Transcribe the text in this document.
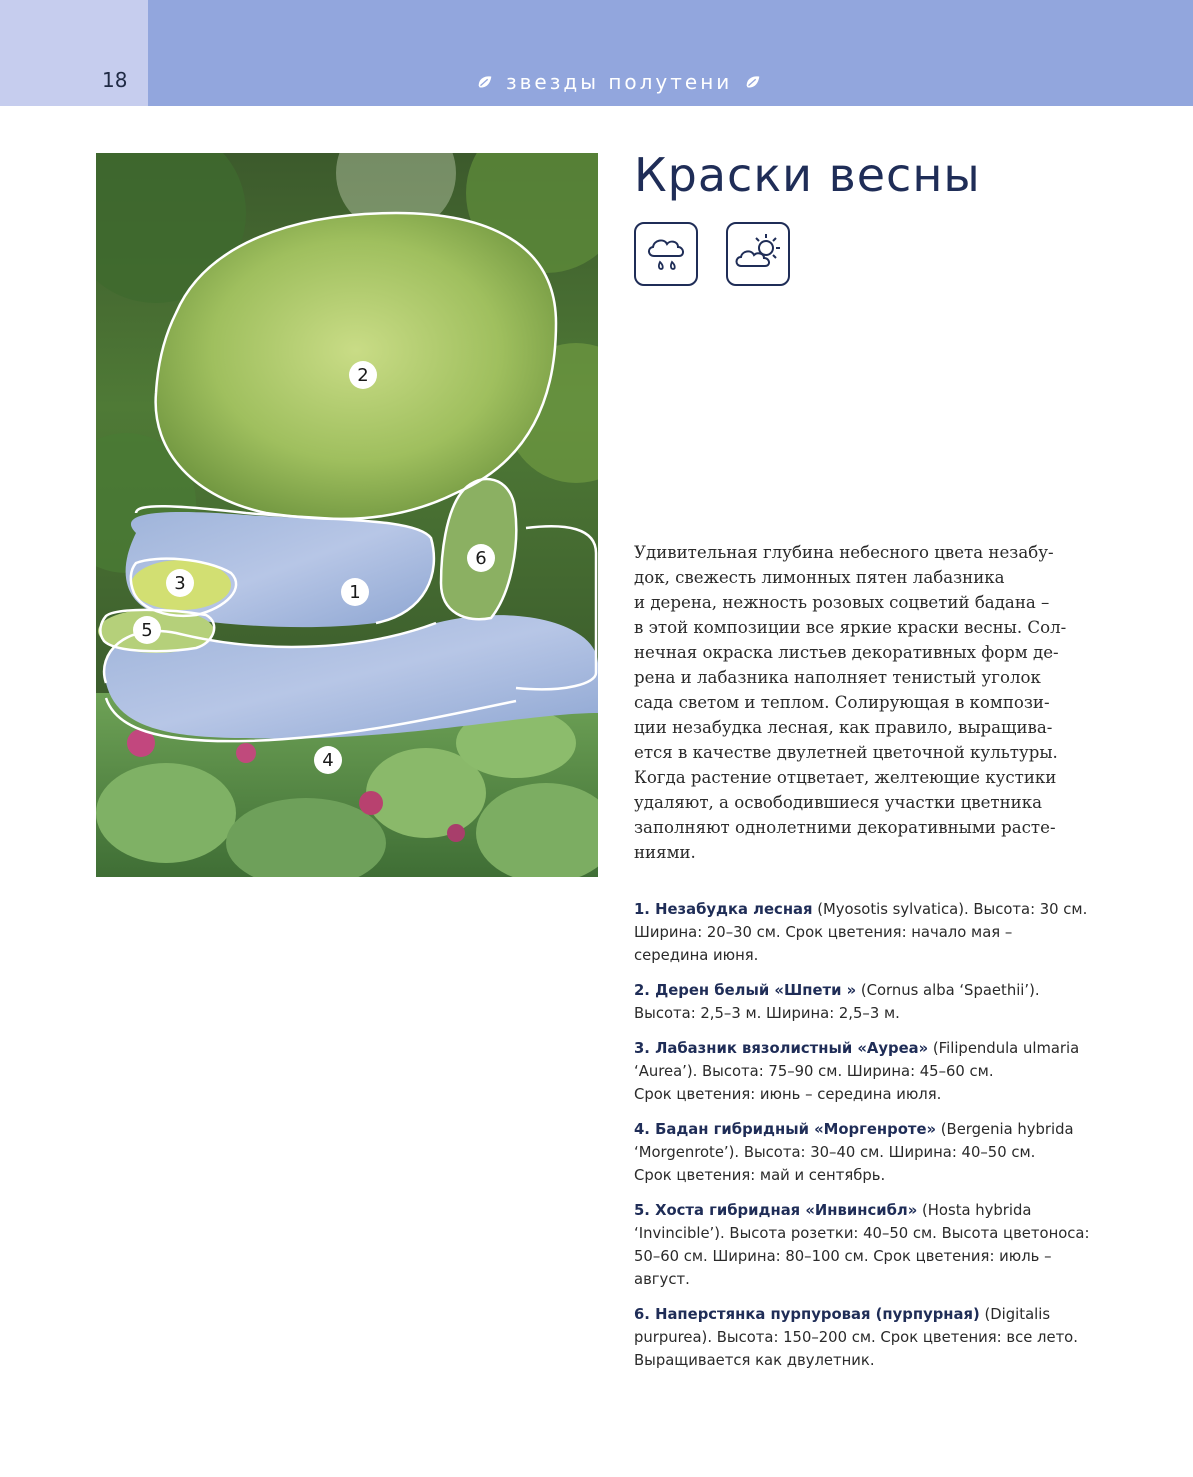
18	звезды полутени
2
1
3
4
5
6
Краски весны
Удивительная глубина небесного цвета незабу-
док, свежесть лимонных пятен лабазника
и дерена, нежность розовых соцветий бадана –
в этой композиции все яркие краски весны. Сол-
нечная окраска листьев декоративных форм де-
рена и лабазника наполняет тенистый уголок
сада светом и теплом. Солирующая в компози-
ции незабудка лесная, как правило, выращива-
ется в качестве двулетней цветочной культуры.
Когда растение отцветает, желтеющие кустики
удаляют, а освободившиеся участки цветника
заполняют однолетними декоративными расте-
ниями.
1. Незабудка лесная (Myosotis sylvatica). Высота: 30 см.
Ширина: 20–30 см. Срок цветения: начало мая –
середина июня.
2. Дерен белый «Шпети » (Cornus alba ‘Spaethii’).
Высота: 2,5–3 м. Ширина: 2,5–3 м.
3. Лабазник вязолистный «Ауреа» (Filipendula ulmaria
‘Aurea’). Высота: 75–90 см. Ширина: 45–60 см.
Срок цветения: июнь – середина июля.
4. Бадан гибридный «Моргенроте» (Bergenia hybrida
‘Morgenrote’). Высота: 30–40 см. Ширина: 40–50 см.
Срок цветения: май и сентябрь.
5. Хоста гибридная «Инвинсибл» (Hosta hybrida
‘Invincible’). Высота розетки: 40–50 см. Высота цветоноса:
50–60 см. Ширина: 80–100 см. Срок цветения: июль –
август.
6. Наперстянка пурпуровая (пурпурная) (Digitalis
purpurea). Высота: 150–200 см. Срок цветения: все лето.
Выращивается как двулетник.
